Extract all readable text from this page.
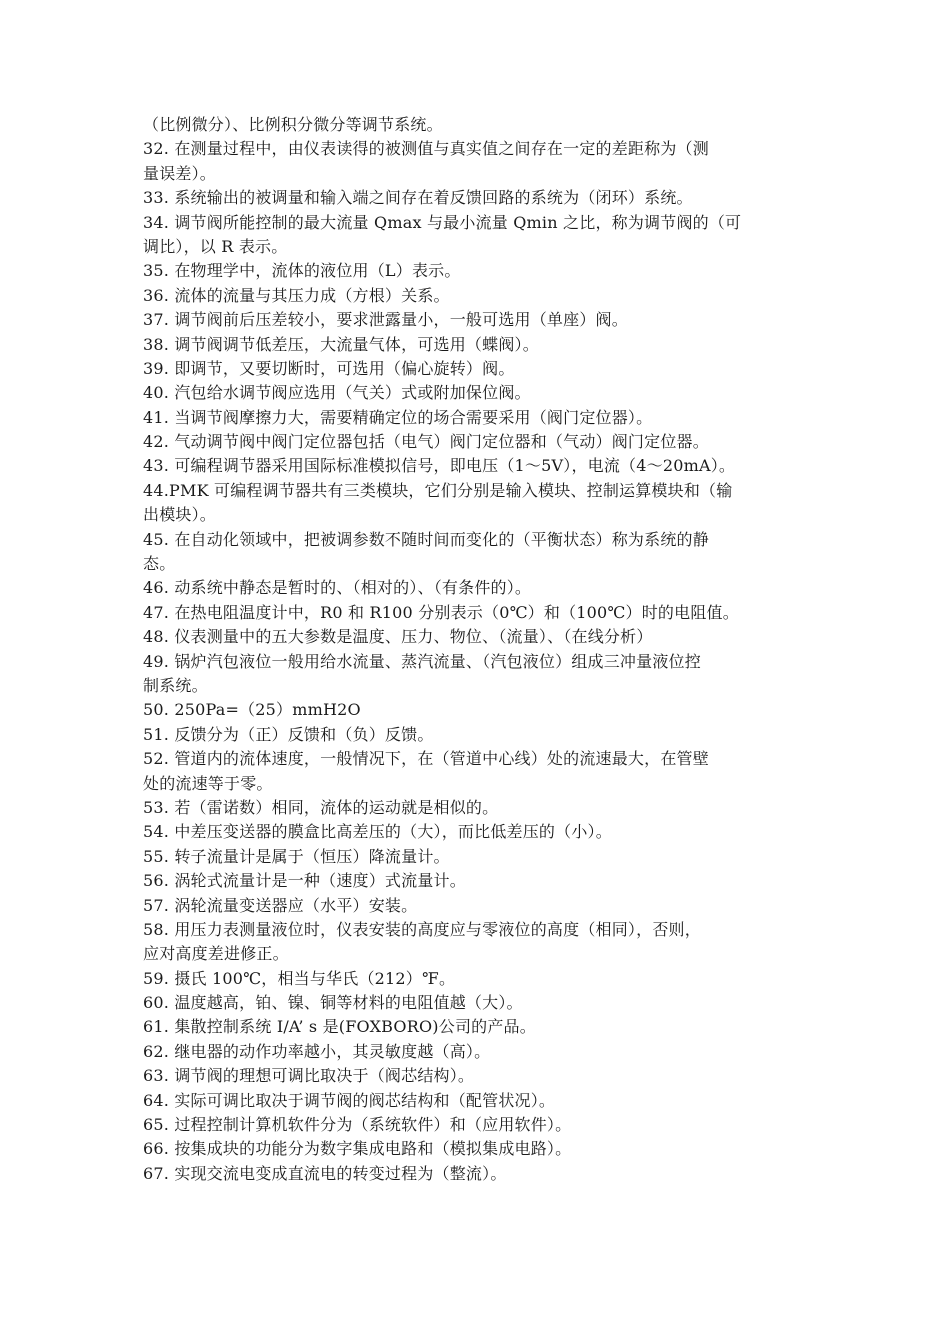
（比例微分）、比例积分微分等调节系统。
32. 在测量过程中，由仪表读得的被测值与真实值之间存在一定的差距称为（测
量误差）。
33. 系统输出的被调量和输入端之间存在着反馈回路的系统为（闭环）系统。
34. 调节阀所能控制的最大流量 Qmax 与最小流量 Qmin 之比，称为调节阀的（可
调比），以 R 表示。
35. 在物理学中，流体的液位用（L）表示。
36. 流体的流量与其压力成（方根）关系。
37. 调节阀前后压差较小，要求泄露量小，一般可选用（单座）阀。
38. 调节阀调节低差压，大流量气体，可选用（蝶阀）。
39. 即调节，又要切断时，可选用（偏心旋转）阀。
40. 汽包给水调节阀应选用（气关）式或附加保位阀。
41. 当调节阀摩擦力大，需要精确定位的场合需要采用（阀门定位器）。
42. 气动调节阀中阀门定位器包括（电气）阀门定位器和（气动）阀门定位器。
43. 可编程调节器采用国际标准模拟信号，即电压（1～5V），电流（4～20mA）。
44.PMK 可编程调节器共有三类模块，它们分别是输入模块、控制运算模块和（输
出模块）。
45. 在自动化领域中，把被调参数不随时间而变化的（平衡状态）称为系统的静
态。
46. 动系统中静态是暂时的、（相对的）、（有条件的）。
47. 在热电阻温度计中，R0 和 R100 分别表示（0℃）和（100℃）时的电阻值。
48. 仪表测量中的五大参数是温度、压力、物位、（流量）、（在线分析）
49. 锅炉汽包液位一般用给水流量、蒸汽流量、（汽包液位）组成三冲量液位控
制系统。
50. 250Pa=（25）mmH2O
51. 反馈分为（正）反馈和（负）反馈。
52. 管道内的流体速度，一般情况下，在（管道中心线）处的流速最大，在管壁
处的流速等于零。
53. 若（雷诺数）相同，流体的运动就是相似的。
54. 中差压变送器的膜盒比高差压的（大），而比低差压的（小）。
55. 转子流量计是属于（恒压）降流量计。
56. 涡轮式流量计是一种（速度）式流量计。
57. 涡轮流量变送器应（水平）安装。
58. 用压力表测量液位时，仪表安装的高度应与零液位的高度（相同），否则，
应对高度差进修正。
59. 摄氏 100℃，相当与华氏（212）℉。
60. 温度越高，铂、镍、铜等材料的电阻值越（大）。
61. 集散控制系统 I/A’ s 是(FOXBORO)公司的产品。
62. 继电器的动作功率越小，其灵敏度越（高）。
63. 调节阀的理想可调比取决于（阀芯结构）。
64. 实际可调比取决于调节阀的阀芯结构和（配管状况）。
65. 过程控制计算机软件分为（系统软件）和（应用软件）。
66. 按集成块的功能分为数字集成电路和（模拟集成电路）。
67. 实现交流电变成直流电的转变过程为（整流）。
